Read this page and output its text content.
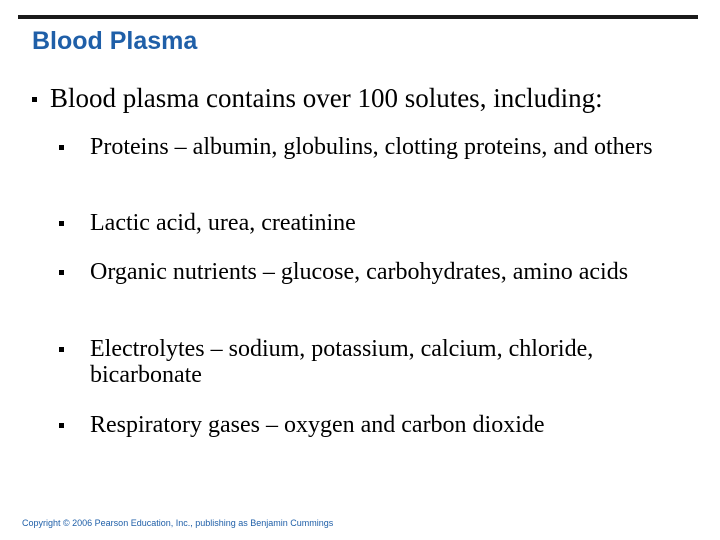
Blood Plasma
Blood plasma contains over 100 solutes, including:
Proteins – albumin, globulins, clotting proteins, and others
Lactic acid, urea, creatinine
Organic nutrients – glucose, carbohydrates, amino acids
Electrolytes – sodium, potassium, calcium, chloride, bicarbonate
Respiratory gases – oxygen and carbon dioxide
Copyright © 2006 Pearson Education, Inc., publishing as Benjamin Cummings
